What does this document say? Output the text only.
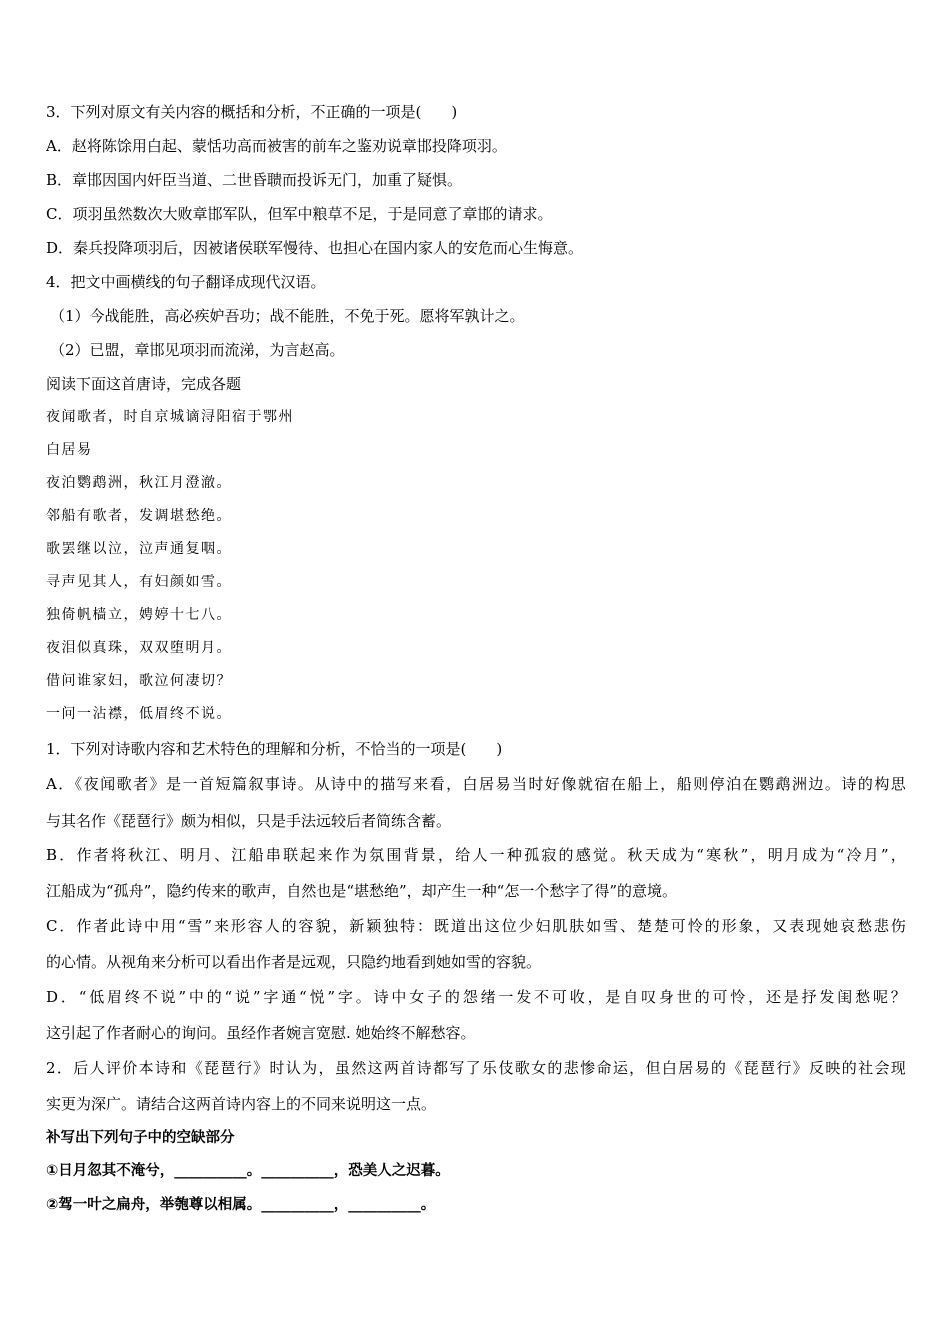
3．下列对原文有关内容的概括和分析，不正确的一项是(　　)
A．赵将陈馀用白起、蒙恬功高而被害的前车之鉴劝说章邯投降项羽。
B．章邯因国内奸臣当道、二世昏聩而投诉无门，加重了疑惧。
C．项羽虽然数次大败章邯军队，但军中粮草不足，于是同意了章邯的请求。
D．秦兵投降项羽后，因被诸侯联军慢待、也担心在国内家人的安危而心生悔意。
4．把文中画横线的句子翻译成现代汉语。
（1）今战能胜，高必疾妒吾功；战不能胜，不免于死。愿将军孰计之。
（2）已盟，章邯见项羽而流涕，为言赵高。
阅读下面这首唐诗，完成各题
夜闻歌者，时自京城谪浔阳宿于鄂州
白居易
夜泊鹦鹉洲，秋江月澄澈。
邻船有歌者，发调堪愁绝。
歌罢继以泣，泣声通复咽。
寻声见其人，有妇颜如雪。
独倚帆樯立，娉婷十七八。
夜泪似真珠，双双堕明月。
借问谁家妇，歌泣何凄切？
一问一沾襟，低眉终不说。
1．下列对诗歌内容和艺术特色的理解和分析，不恰当的一项是(　　)
A．《夜闻歌者》是一首短篇叙事诗。从诗中的描写来看，白居易当时好像就宿在船上，船则停泊在鹦鹉洲边。诗的构思
与其名作《琵琶行》颇为相似，只是手法远较后者简练含蓄。
B．作者将秋江、明月、江船串联起来作为氛围背景，给人一种孤寂的感觉。秋天成为“寒秋”，明月成为“冷月”，
江船成为“孤舟”，隐约传来的歌声，自然也是“堪愁绝”，却产生一种“怎一个愁字了得”的意境。
C．作者此诗中用“雪”来形容人的容貌，新颖独特：既道出这位少妇肌肤如雪、楚楚可怜的形象，又表现她哀愁悲伤
的心情。从视角来分析可以看出作者是远观，只隐约地看到她如雪的容貌。
D．“低眉终不说”中的“说”字通“悦”字。诗中女子的怨绪一发不可收，是自叹身世的可怜，还是抒发闺愁呢？
这引起了作者耐心的询问。虽经作者婉言宽慰. 她始终不解愁容。
2．后人评价本诗和《琵琶行》时认为，虽然这两首诗都写了乐伎歌女的悲惨命运，但白居易的《琵琶行》反映的社会现
实更为深广。请结合这两首诗内容上的不同来说明这一点。
补写出下列句子中的空缺部分
①日月忽其不淹兮，__________。__________，恐美人之迟暮。
②驾一叶之扁舟，举匏尊以相属。__________，__________。
